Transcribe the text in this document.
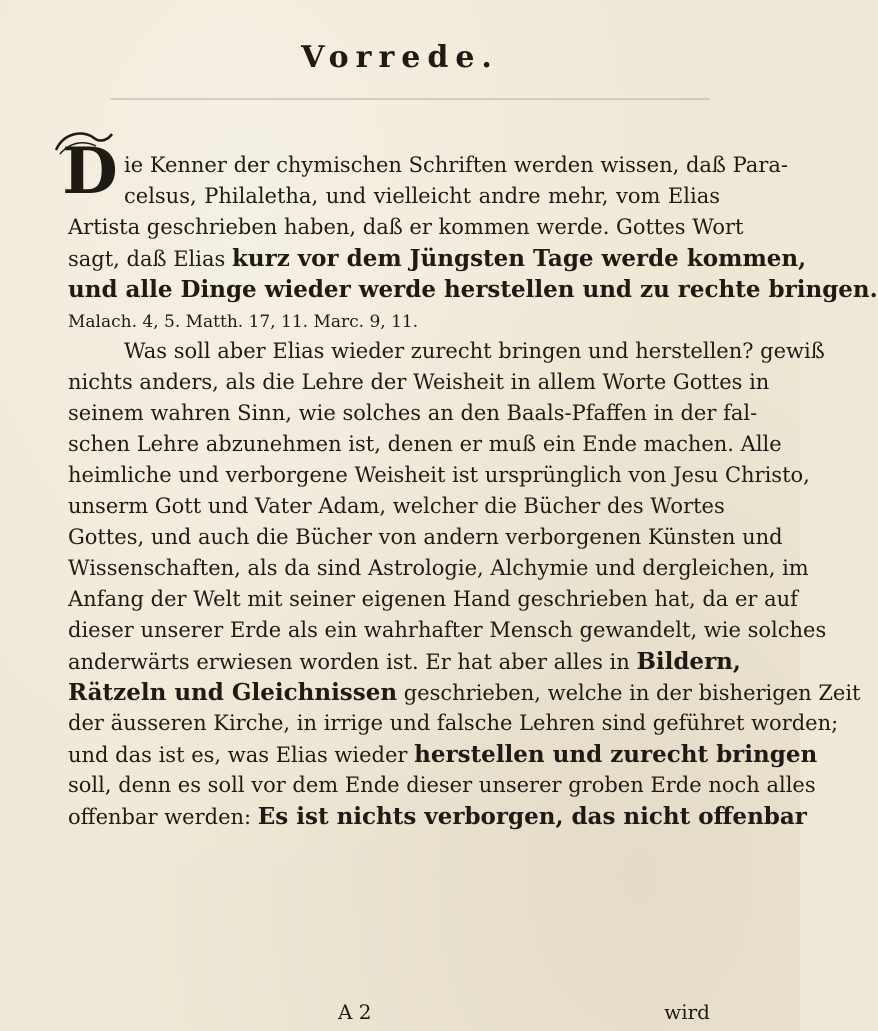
Vorrede.
D ie Kenner der chymischen Schriften werden wissen, daß Para-
celsus, Philaletha, und vielleicht andre mehr, vom Elias
Artista geschrieben haben, daß er kommen werde. Gottes Wort
sagt, daß Elias kurz vor dem Jüngsten Tage werde kommen,
und alle Dinge wieder werde herstellen und zu rechte bringen.
Malach. 4, 5. Matth. 17, 11. Marc. 9, 11.
Was soll aber Elias wieder zurecht bringen und herstellen? gewiß
nichts anders, als die Lehre der Weisheit in allem Worte Gottes in
seinem wahren Sinn, wie solches an den Baals-Pfaffen in der fal-
schen Lehre abzunehmen ist, denen er muß ein Ende machen. Alle
heimliche und verborgene Weisheit ist ursprünglich von Jesu Christo,
unserm Gott und Vater Adam, welcher die Bücher des Wortes
Gottes, und auch die Bücher von andern verborgenen Künsten und
Wissenschaften, als da sind Astrologie, Alchymie und dergleichen, im
Anfang der Welt mit seiner eigenen Hand geschrieben hat, da er auf
dieser unserer Erde als ein wahrhafter Mensch gewandelt, wie solches
anderwärts erwiesen worden ist. Er hat aber alles in Bildern,
Rätzeln und Gleichnissen geschrieben, welche in der bisherigen Zeit
der äusseren Kirche, in irrige und falsche Lehren sind geführet worden;
und das ist es, was Elias wieder herstellen und zurecht bringen
soll, denn es soll vor dem Ende dieser unserer groben Erde noch alles
offenbar werden: Es ist nichts verborgen, das nicht offenbar
A 2	wird
